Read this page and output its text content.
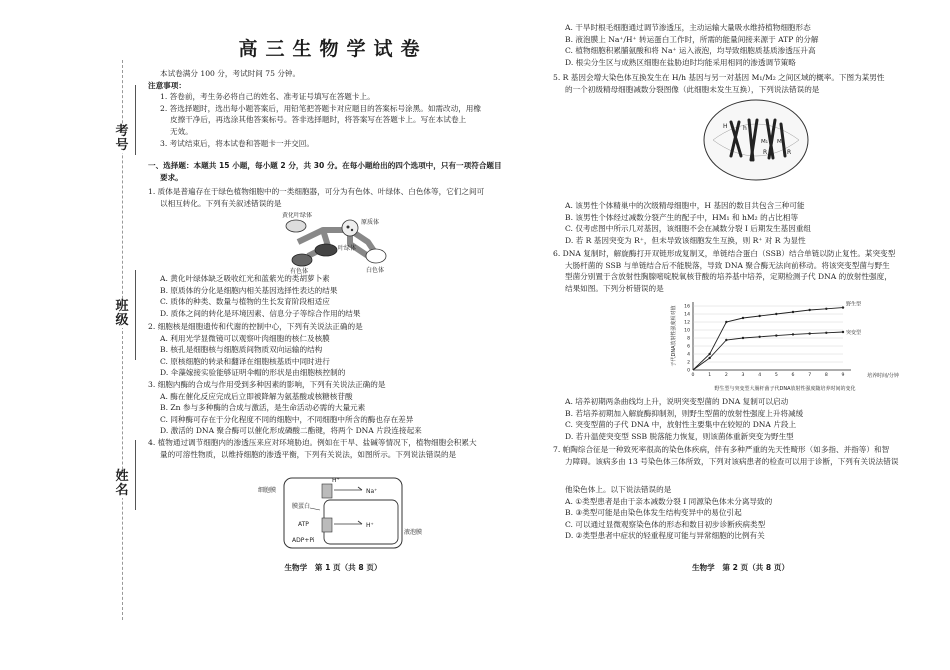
考号
班级
姓名
高三生物学试卷
本试卷满分 100 分，考试时间 75 分钟。
注意事项：
1. 答卷前，考生务必将自己的姓名、准考证号填写在答题卡上。
2. 答选择题时，选出每小题答案后，用铅笔把答题卡对应题目的答案标号涂黑。如需改动，用橡
皮擦干净后，再选涂其他答案标号。答非选择题时，将答案写在答题卡上。写在本试卷上
无效。
3. 考试结束后，将本试卷和答题卡一并交回。
一、选择题：本题共 15 小题，每小题 2 分，共 30 分。在每小题给出的四个选项中，只有一项符合题目
要求。
1. 质体是普遍存在于绿色植物细胞中的一类细胞器，可分为有色体、叶绿体、白色体等，它们之间可
以相互转化。下列有关叙述错误的是
黄化叶绿体
原质体
叶绿体
有色体	白色体
A. 黄化叶绿体缺乏吸收红光和蓝紫光的类胡萝卜素
B. 原质体的分化是细胞内相关基因选择性表达的结果
C. 质体的种类、数量与植物的生长发育阶段相适应
D. 质体之间的转化是环境因素、信息分子等综合作用的结果
2. 细胞核是细胞遗传和代谢的控制中心，下列有关说法正确的是
A. 利用光学显微镜可以观察叶肉细胞的核仁及核膜
B. 核孔是细胞核与细胞质间物质双向运输的结构
C. 原核细胞的转录和翻译在细胞核基质中同时进行
D. 伞藻嫁接实验能够证明伞帽的形状是由细胞核控制的
3. 细胞内酶的合成与作用受到多种因素的影响，下列有关说法正确的是
A. 酶在催化反应完成后立即被降解为氨基酸或核糖核苷酸
B. Zn 参与多种酶的合成与激活，是生命活动必需的大量元素
C. 同种酶可存在于分化程度不同的细胞中，不同细胞中所含的酶也存在差异
D. 激活的 DNA 聚合酶可以催化形成磷酸二酯键，将两个 DNA 片段连接起来
4. 植物通过调节细胞内的渗透压来应对环境胁迫。例如在干旱、盐碱等情况下，植物细胞会积累大
量的可溶性物质，以维持细胞的渗透平衡，下列有关说法，如图所示。下列说法错误的是
细胞膜
H⁺
Na⁺
膜蛋白
H⁺
ATP
ADP+Pi
液泡膜
生物学　第 1 页（共 8 页）
A. 干旱时根毛细胞通过调节渗透压，主动运输大量吸水维持植物细胞形态
B. 液泡膜上 Na⁺/H⁺ 转运蛋白工作时，所需的能量间接来源于 ATP 的分解
C. 植物细胞积累脯氨酸和将 Na⁺ 运入液泡，均导致细胞质基质渗透压升高
D. 根尖分生区与成熟区细胞在盐胁迫时均能采用相同的渗透调节策略
5. R 基因会增大染色体互换发生在 H/h 基因与另一对基因 M₁/M₂ 之间区域的概率。下图为某男性
的一个初级精母细胞减数分裂图像（此细胞未发生互换），下列说法错误的是
H	h
M₁ M₂
R	R
A. 该男性个体精巢中的次级精母细胞中，H 基因的数目共包含三种可能
B. 该男性个体经过减数分裂产生的配子中，HM₁ 和 hM₂ 的占比相等
C. 仅考虑图中所示几对基因，该细胞不会在减数分裂 I 后期发生基因重组
D. 若 R 基因突变为 R⁺，但未导致该细胞发生互换，则 R⁺ 对 R 为显性
6. DNA 复制时，解旋酶打开双链形成复制叉，单链结合蛋白（SSB）结合单链以防止复性。某突变型
大肠杆菌的 SSB 与单链结合后不能脱落，导致 DNA 聚合酶无法向前移动。将该突变型菌与野生
型菌分别置于含放射性胸腺嘧啶脱氧核苷酸的培养基中培养，定期检测子代 DNA 的放射性强度，
结果如图。下列分析错误的是
0
2
4
6
8
10
12
14
16
0	1	2	3	4	5	6	7	8	9
野生型
突变型
子代DNA放射性强度相对值
培养时间/分钟
野生型与突变型大肠杆菌子代DNA放射性强度随培养时间的变化
A. 培养初期两条曲线均上升，说明突变型菌的 DNA 复制可以启动
B. 若培养初期加入解旋酶抑制剂，则野生型菌的放射性强度上升将减缓
C. 突变型菌的子代 DNA 中，放射性主要集中在较短的 DNA 片段上
D. 若升温使突变型 SSB 脱落能力恢复，则该菌体重新突变为野生型
7. 帕陶综合征是一种致死率很高的染色体疾病，伴有多种严重的先天性畸形（如多指、并指等）和智
力障碍。该病多由 13 号染色体三体所致，下列对该病患者的检查可以用于诊断，下列有关说法错误
他染色体上。以下说法错误的是
A. ①类型患者是由于亲本减数分裂 I 同源染色体未分离导致的
B. ③类型可能是由染色体发生结构变异中的易位引起
C. 可以通过显微观察染色体的形态和数目初步诊断疾病类型
D. ②类型患者中症状的轻重程度可能与异常细胞的比例有关
生物学　第 2 页（共 8 页）
